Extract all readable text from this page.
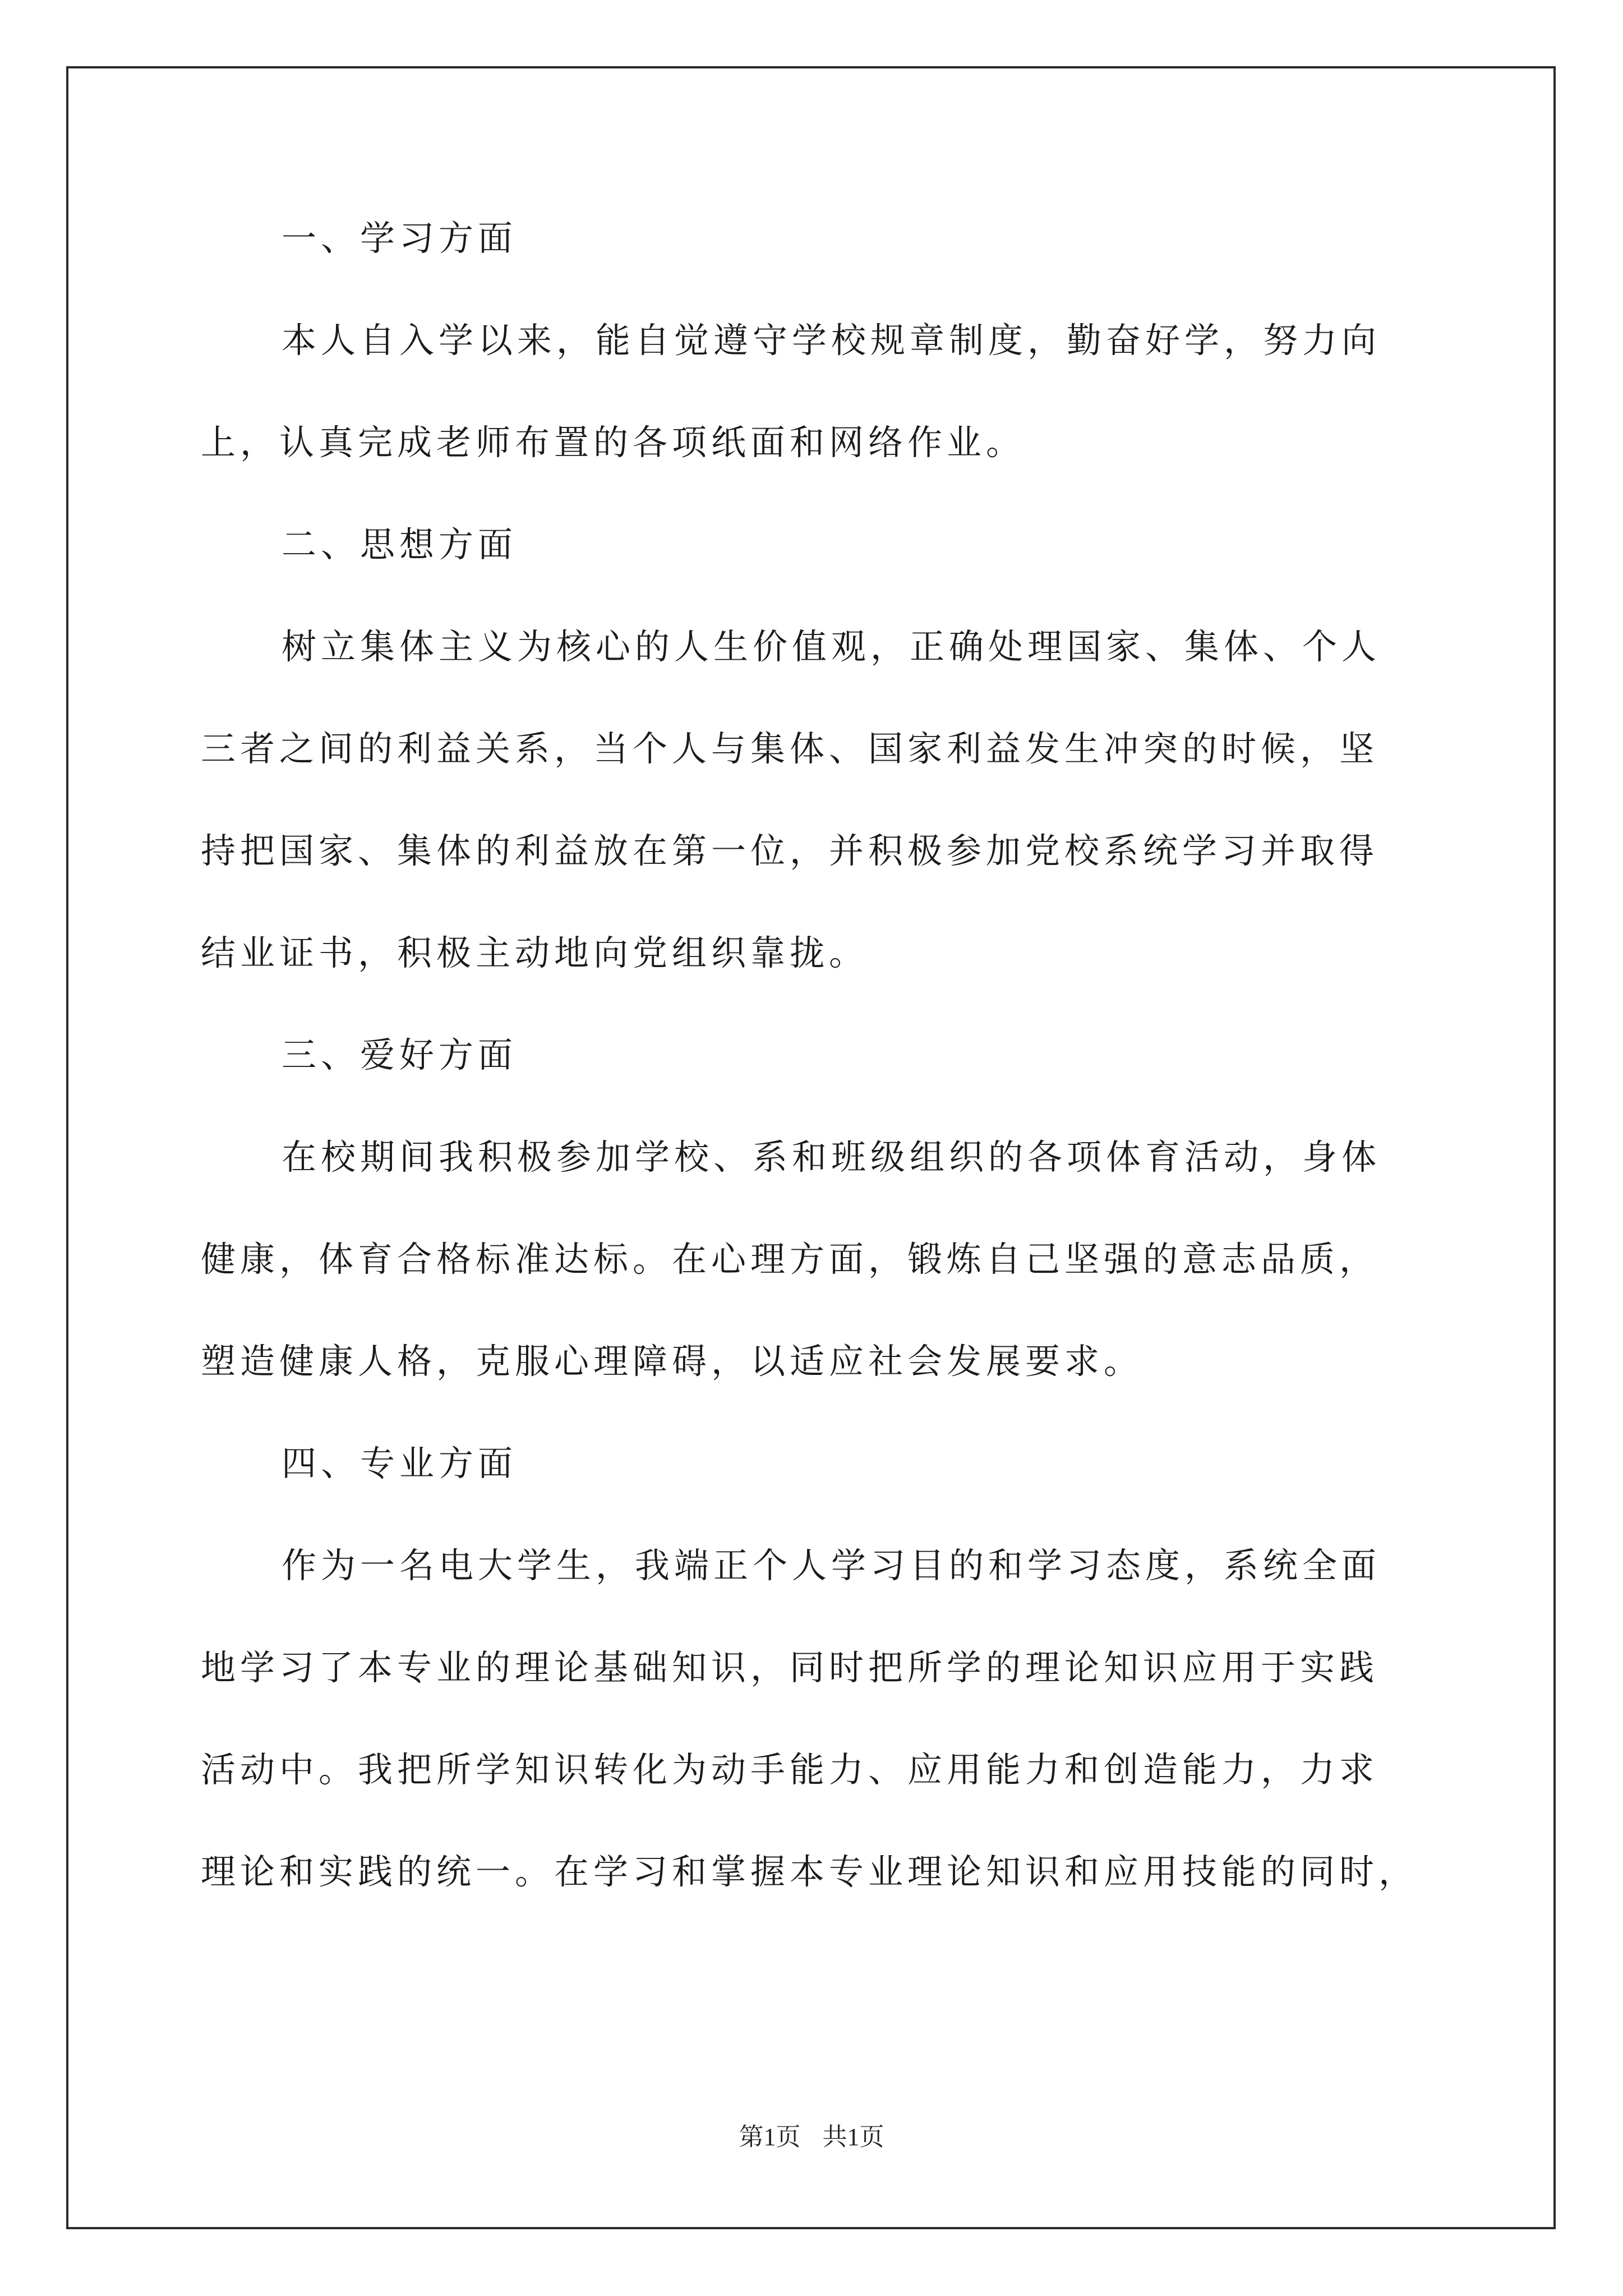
一、学习方面

本人自入学以来，能自觉遵守学校规章制度，勤奋好学，努力向
上，认真完成老师布置的各项纸面和网络作业。

二、思想方面

树立集体主义为核心的人生价值观，正确处理国家、集体、个人
三者之间的利益关系，当个人与集体、国家利益发生冲突的时候，坚
持把国家、集体的利益放在第一位，并积极参加党校系统学习并取得
结业证书，积极主动地向党组织靠拢。

三、爱好方面

在校期间我积极参加学校、系和班级组织的各项体育活动，身体
健康，体育合格标准达标。在心理方面，锻炼自己坚强的意志品质，
塑造健康人格，克服心理障碍，以适应社会发展要求。

四、专业方面

作为一名电大学生，我端正个人学习目的和学习态度，系统全面
地学习了本专业的理论基础知识，同时把所学的理论知识应用于实践
活动中。我把所学知识转化为动手能力、应用能力和创造能力，力求
理论和实践的统一。在学习和掌握本专业理论知识和应用技能的同时，

第1页 共1页
